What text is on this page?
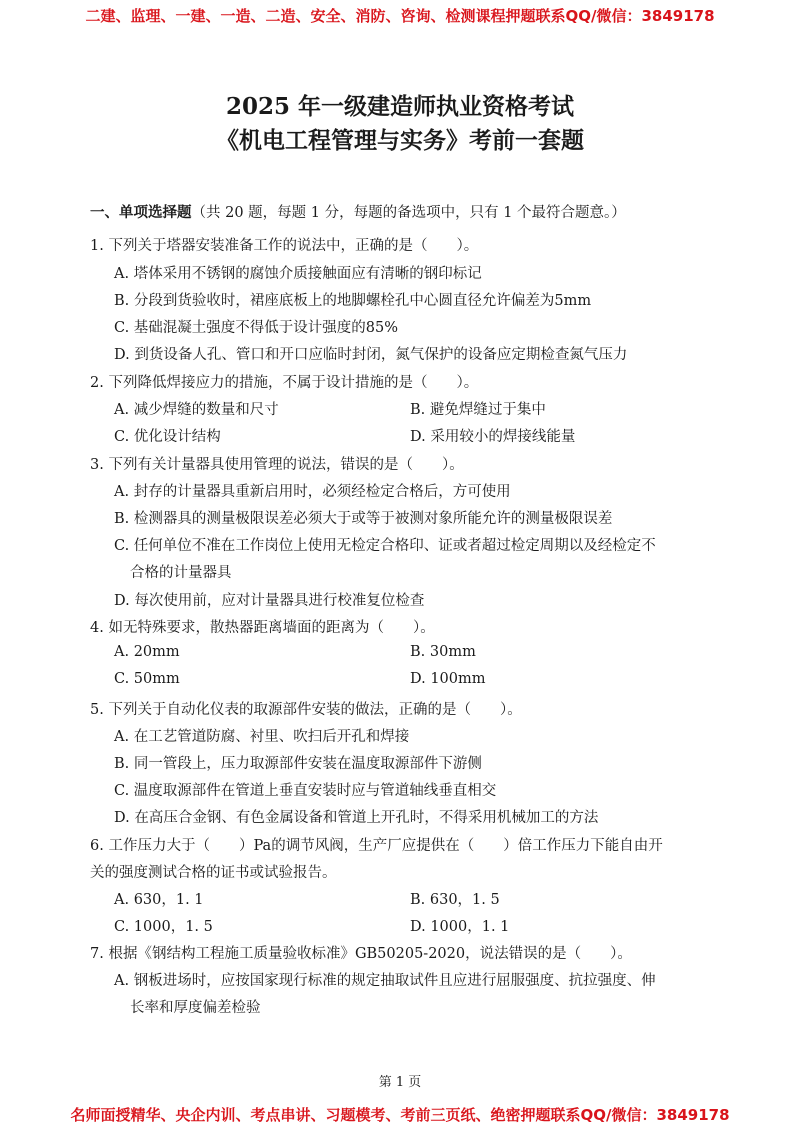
二建、监理、一建、一造、二造、安全、消防、咨询、检测课程押题联系QQ/微信：3849178
2025 年一级建造师执业资格考试
《机电工程管理与实务》考前一套题
一、单项选择题（共 20 题，每题 1 分，每题的备选项中，只有 1 个最符合题意。）
1. 下列关于塔器安装准备工作的说法中，正确的是（　　）。
A. 塔体采用不锈钢的腐蚀介质接触面应有清晰的钢印标记
B. 分段到货验收时，裙座底板上的地脚螺栓孔中心圆直径允许偏差为5mm
C. 基础混凝土强度不得低于设计强度的85%
D. 到货设备人孔、管口和开口应临时封闭，氮气保护的设备应定期检查氮气压力
2. 下列降低焊接应力的措施，不属于设计措施的是（　　）。
A. 减少焊缝的数量和尺寸	B. 避免焊缝过于集中
C. 优化设计结构	D. 采用较小的焊接线能量
3. 下列有关计量器具使用管理的说法，错误的是（　　）。
A. 封存的计量器具重新启用时，必须经检定合格后，方可使用
B. 检测器具的测量极限误差必须大于或等于被测对象所能允许的测量极限误差
C. 任何单位不准在工作岗位上使用无检定合格印、证或者超过检定周期以及经检定不
合格的计量器具
D. 每次使用前，应对计量器具进行校准复位检查
4. 如无特殊要求，散热器距离墙面的距离为（　　）。
A. 20mm	B. 30mm
C. 50mm	D. 100mm
5. 下列关于自动化仪表的取源部件安装的做法，正确的是（　　）。
A. 在工艺管道防腐、衬里、吹扫后开孔和焊接
B. 同一管段上，压力取源部件安装在温度取源部件下游侧
C. 温度取源部件在管道上垂直安装时应与管道轴线垂直相交
D. 在高压合金钢、有色金属设备和管道上开孔时，不得采用机械加工的方法
6. 工作压力大于（　　）Pa的调节风阀，生产厂应提供在（　　）倍工作压力下能自由开
关的强度测试合格的证书或试验报告。
A. 630，1. 1	B. 630，1. 5
C. 1000，1. 5	D. 1000，1. 1
7. 根据《钢结构工程施工质量验收标准》GB50205-2020，说法错误的是（　　）。
A. 钢板进场时，应按国家现行标准的规定抽取试件且应进行屈服强度、抗拉强度、伸
长率和厚度偏差检验
第 1 页
名师面授精华、央企内训、考点串讲、习题模考、考前三页纸、绝密押题联系QQ/微信：3849178
